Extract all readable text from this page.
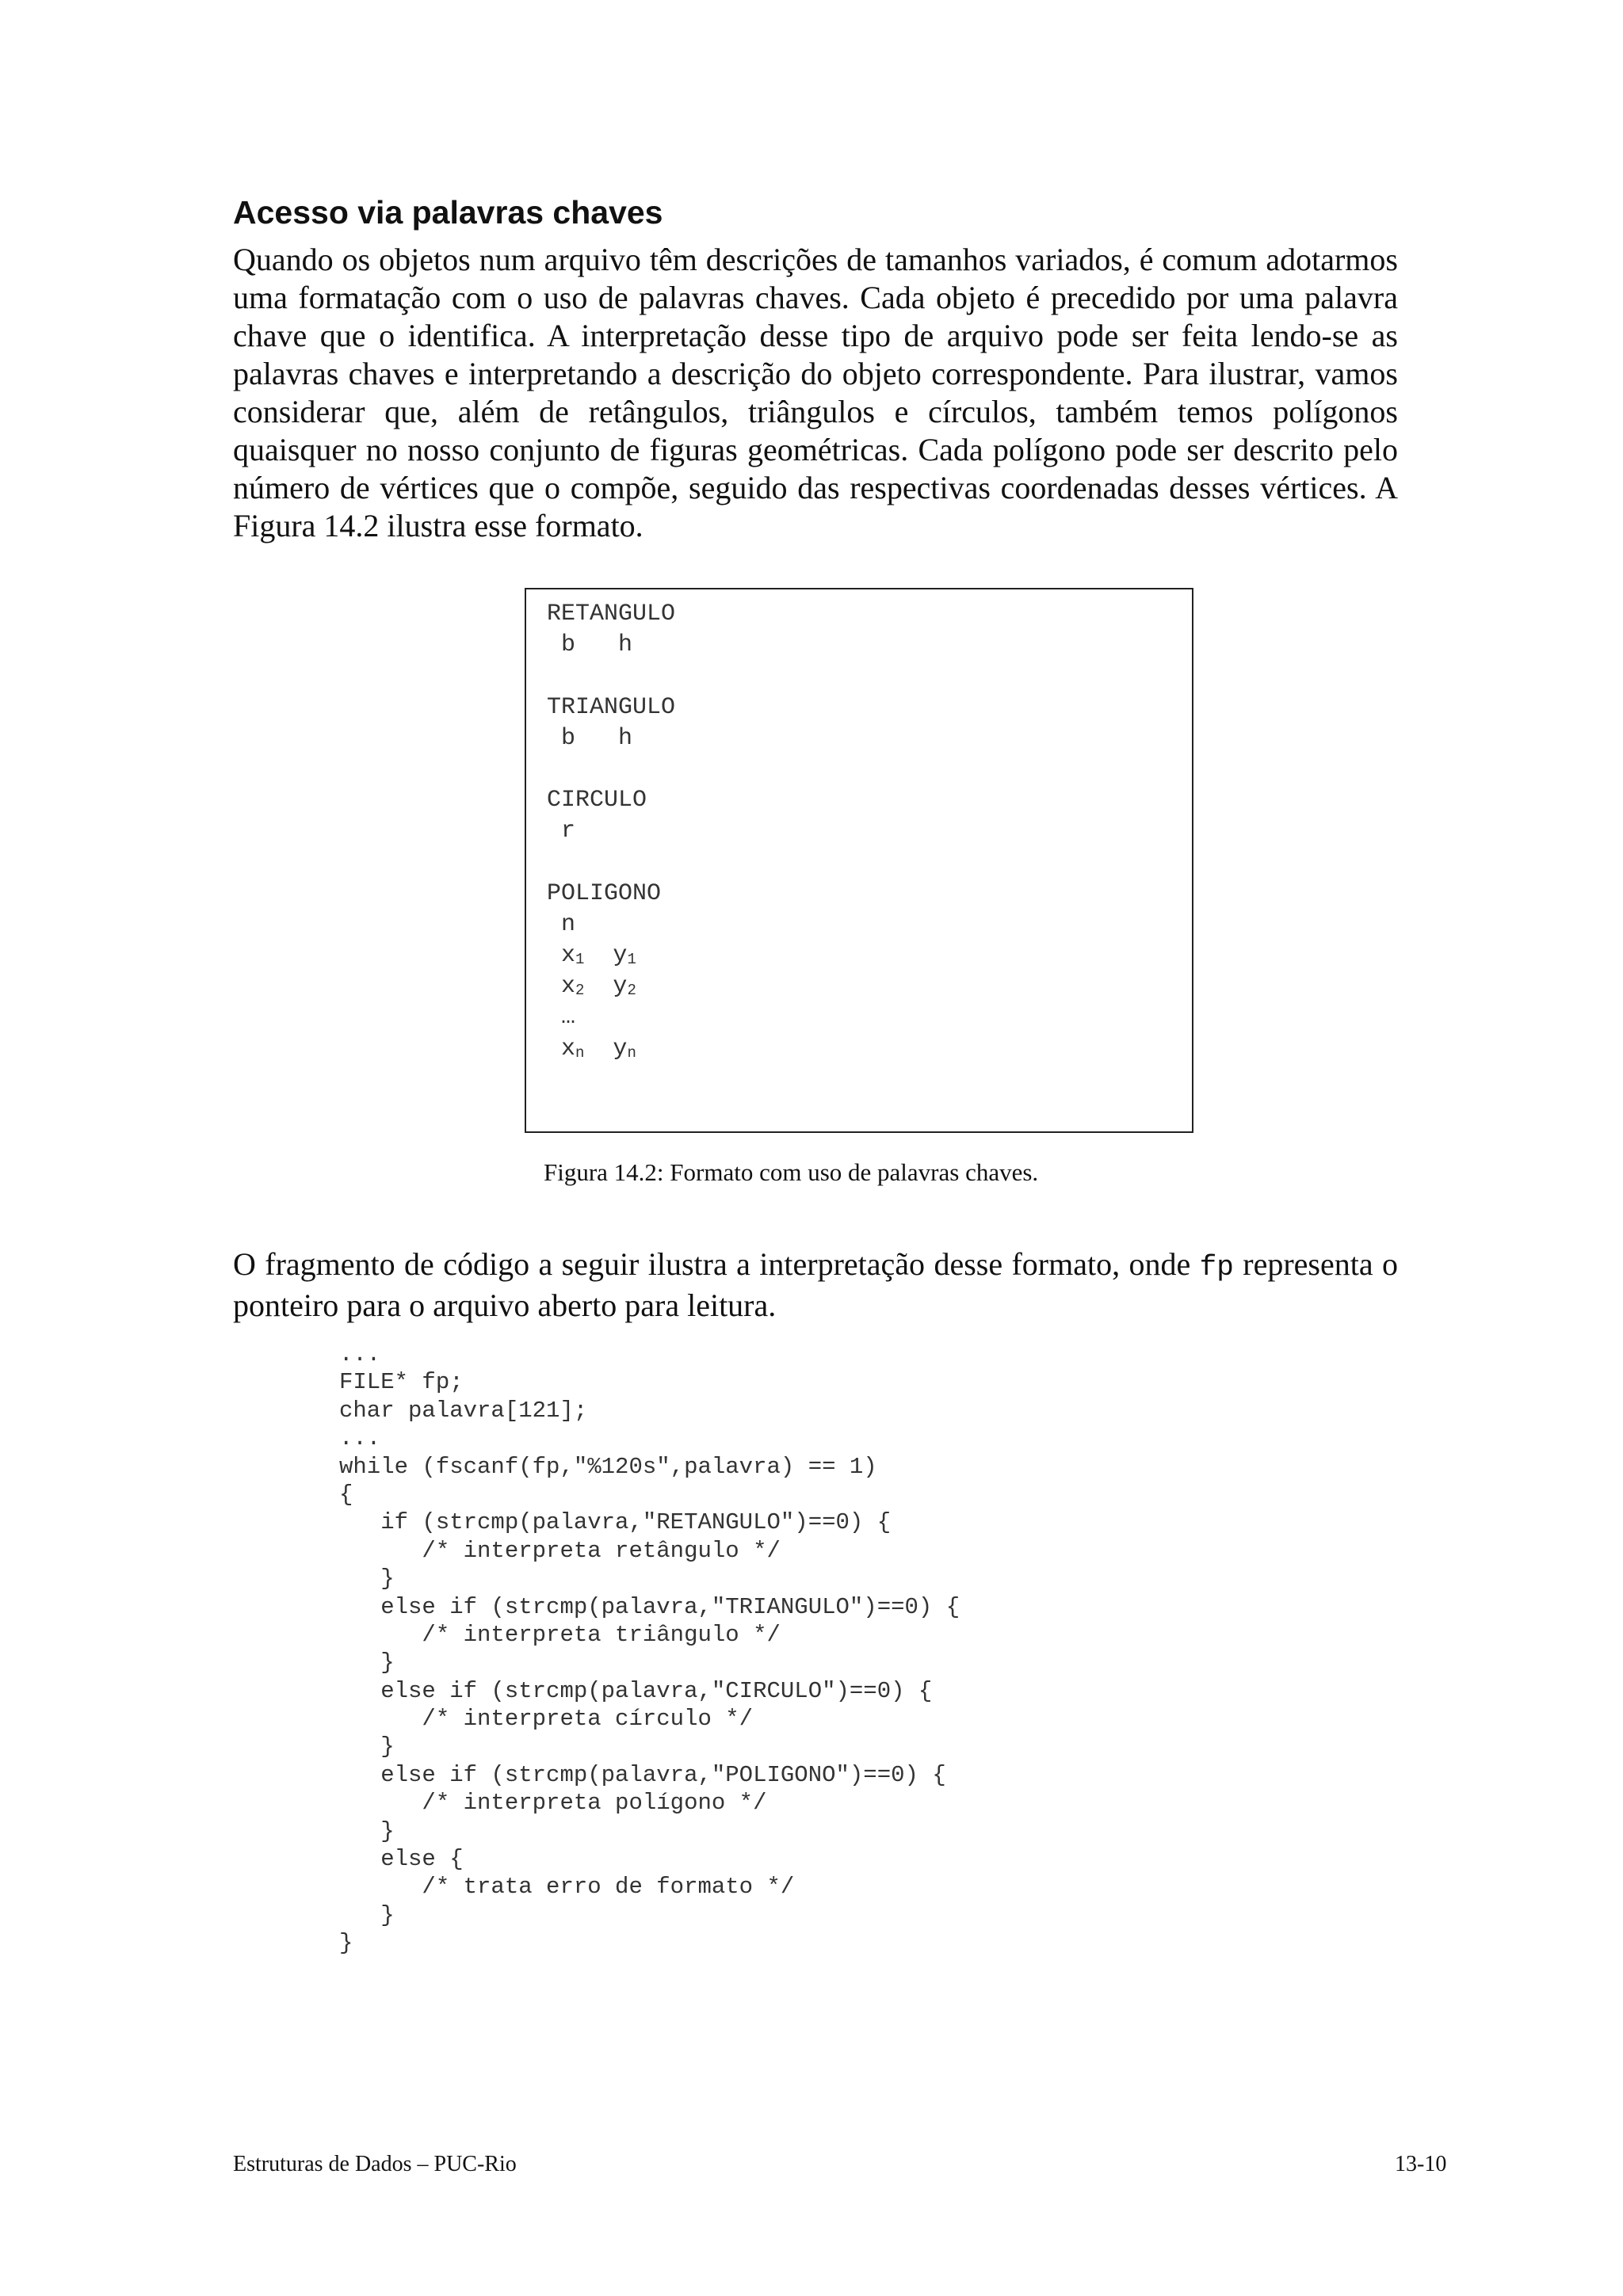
Acesso via palavras chaves

Quando os objetos num arquivo têm descrições de tamanhos variados, é comum adotarmos uma formatação com o uso de palavras chaves. Cada objeto é precedido por uma palavra chave que o identifica. A interpretação desse tipo de arquivo pode ser feita lendo-se as palavras chaves e interpretando a descrição do objeto correspondente. Para ilustrar, vamos considerar que, além de retângulos, triângulos e círculos, também temos polígonos quaisquer no nosso conjunto de figuras geométricas. Cada polígono pode ser descrito pelo número de vértices que o compõe, seguido das respectivas coordenadas desses vértices. A Figura 14.2 ilustra esse formato.

RETANGULO
b   h
TRIANGULO
b   h
CIRCULO
r
POLIGONO
n
$x_1$  $y_1$
$x_2$  $y_2$
…
$x_n$  $y_n$

Figura 14.2: Formato com uso de palavras chaves.

O fragmento de código a seguir ilustra a interpretação desse formato, onde fp representa o ponteiro para o arquivo aberto para leitura.

...
FILE* fp;
char palavra[121];
...
while (fscanf(fp,"%120s",palavra) == 1)
{
if (strcmp(palavra,"RETANGULO")==0) {
/* interpreta retângulo */
}
else if (strcmp(palavra,"TRIANGULO")==0) {
/* interpreta triângulo */
}
else if (strcmp(palavra,"CIRCULO")==0) {
/* interpreta círculo */
}
else if (strcmp(palavra,"POLIGONO")==0) {
/* interpreta polígono */
}
else {
/* trata erro de formato */
}
}

Estruturas de Dados – PUC-Rio	13-10
